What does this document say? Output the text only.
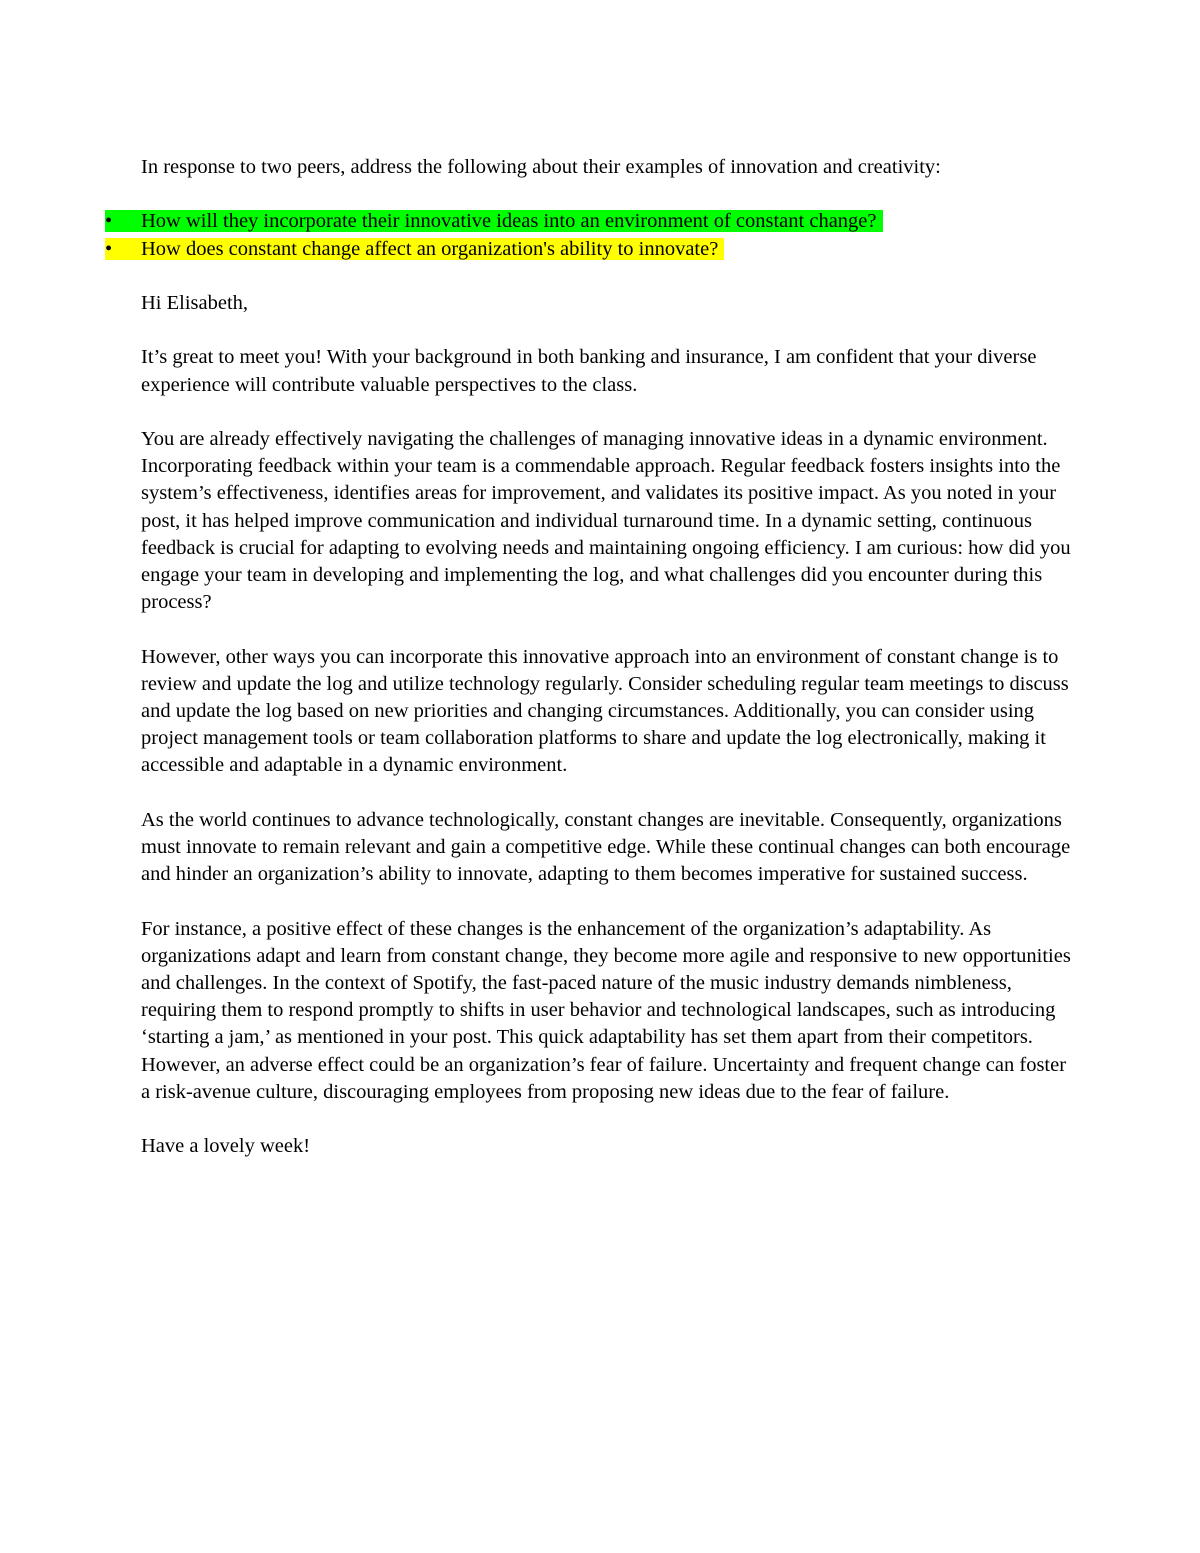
In response to two peers, address the following about their examples of innovation and creativity:

• How will they incorporate their innovative ideas into an environment of constant change?
• How does constant change affect an organization's ability to innovate?

Hi Elisabeth,

It’s great to meet you! With your background in both banking and insurance, I am confident that your diverse experience will contribute valuable perspectives to the class.

You are already effectively navigating the challenges of managing innovative ideas in a dynamic environment. Incorporating feedback within your team is a commendable approach. Regular feedback fosters insights into the system’s effectiveness, identifies areas for improvement, and validates its positive impact. As you noted in your post, it has helped improve communication and individual turnaround time. In a dynamic setting, continuous feedback is crucial for adapting to evolving needs and maintaining ongoing efficiency. I am curious: how did you engage your team in developing and implementing the log, and what challenges did you encounter during this process?

However, other ways you can incorporate this innovative approach into an environment of constant change is to review and update the log and utilize technology regularly. Consider scheduling regular team meetings to discuss and update the log based on new priorities and changing circumstances. Additionally, you can consider using project management tools or team collaboration platforms to share and update the log electronically, making it accessible and adaptable in a dynamic environment.

As the world continues to advance technologically, constant changes are inevitable. Consequently, organizations must innovate to remain relevant and gain a competitive edge. While these continual changes can both encourage and hinder an organization’s ability to innovate, adapting to them becomes imperative for sustained success.

For instance, a positive effect of these changes is the enhancement of the organization’s adaptability. As organizations adapt and learn from constant change, they become more agile and responsive to new opportunities and challenges. In the context of Spotify, the fast-paced nature of the music industry demands nimbleness, requiring them to respond promptly to shifts in user behavior and technological landscapes, such as introducing ‘starting a jam,’ as mentioned in your post. This quick adaptability has set them apart from their competitors. However, an adverse effect could be an organization’s fear of failure. Uncertainty and frequent change can foster a risk-avenue culture, discouraging employees from proposing new ideas due to the fear of failure.

Have a lovely week!
